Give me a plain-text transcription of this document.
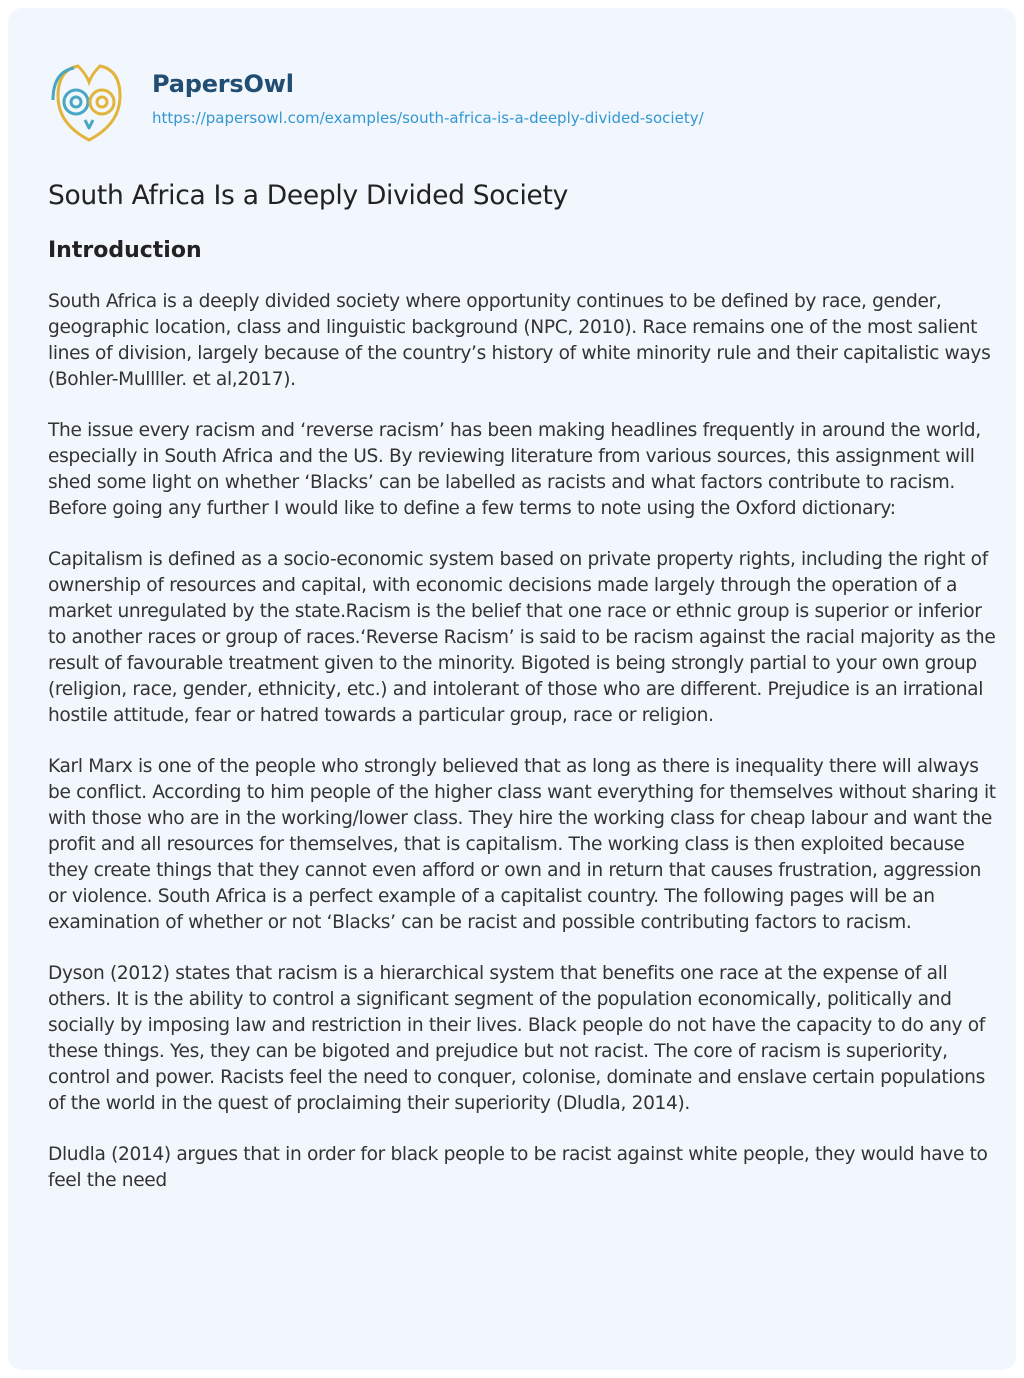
PapersOwl
https://papersowl.com/examples/south-africa-is-a-deeply-divided-society/
South Africa Is a Deeply Divided Society
Introduction

South Africa is a deeply divided society where opportunity continues to be defined by race, gender, geographic location, class and linguistic background (NPC, 2010). Race remains one of the most salient lines of division, largely because of the country’s history of white minority rule and their capitalistic ways (Bohler-Mullller. et al,2017).

The issue every racism and ‘reverse racism’ has been making headlines frequently in around the world, especially in South Africa and the US. By reviewing literature from various sources, this assignment will shed some light on whether ‘Blacks’ can be labelled as racists and what factors contribute to racism. Before going any further I would like to define a few terms to note using the Oxford dictionary:

Capitalism is defined as a socio-economic system based on private property rights, including the right of ownership of resources and capital, with economic decisions made largely through the operation of a market unregulated by the state.Racism is the belief that one race or ethnic group is superior or inferior to another races or group of races.‘Reverse Racism’ is said to be racism against the racial majority as the result of favourable treatment given to the minority. Bigoted is being strongly partial to your own group (religion, race, gender, ethnicity, etc.) and intolerant of those who are different. Prejudice is an irrational hostile attitude, fear or hatred towards a particular group, race or religion.

Karl Marx is one of the people who strongly believed that as long as there is inequality there will always be conflict. According to him people of the higher class want everything for themselves without sharing it with those who are in the working/lower class. They hire the working class for cheap labour and want the profit and all resources for themselves, that is capitalism. The working class is then exploited because they create things that they cannot even afford or own and in return that causes frustration, aggression or violence. South Africa is a perfect example of a capitalist country. The following pages will be an examination of whether or not ‘Blacks’ can be racist and possible contributing factors to racism.

Dyson (2012) states that racism is a hierarchical system that benefits one race at the expense of all others. It is the ability to control a significant segment of the population economically, politically and socially by imposing law and restriction in their lives. Black people do not have the capacity to do any of these things. Yes, they can be bigoted and prejudice but not racist. The core of racism is superiority, control and power. Racists feel the need to conquer, colonise, dominate and enslave certain populations of the world in the quest of proclaiming their superiority (Dludla, 2014).

Dludla (2014) argues that in order for black people to be racist against white people, they would have to feel the need
